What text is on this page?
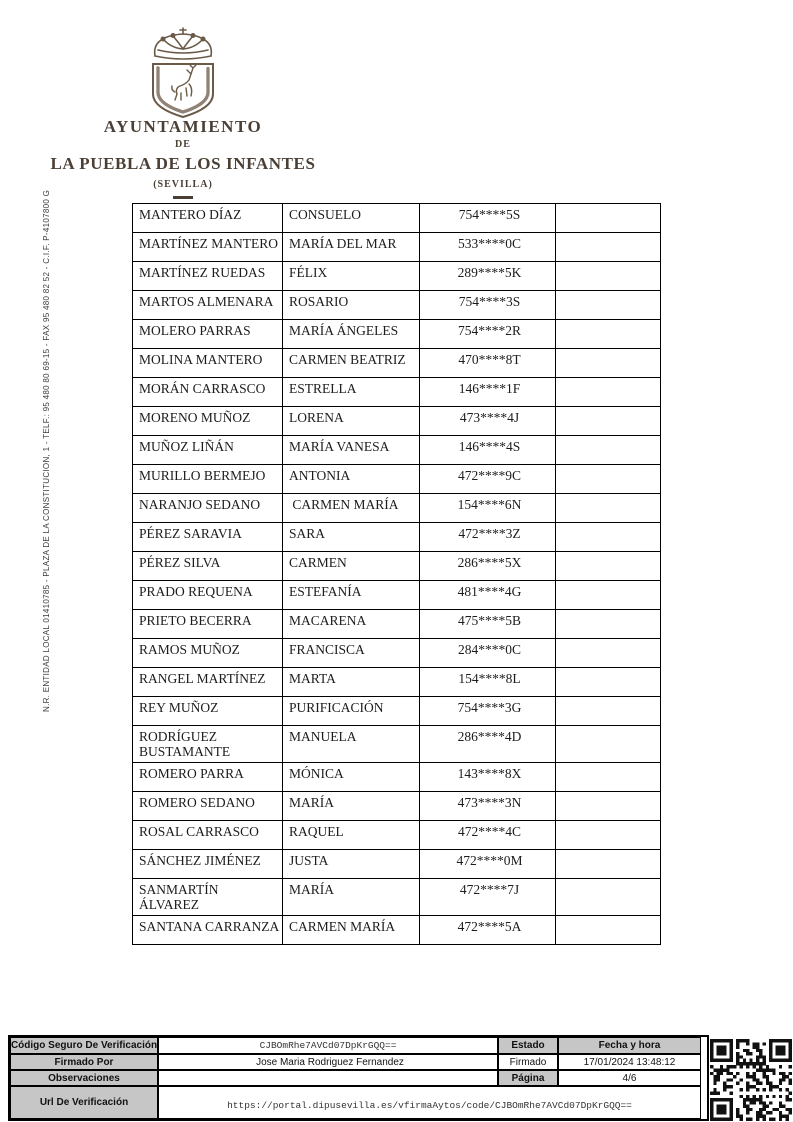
AYUNTAMIENTO
DE
LA PUEBLA DE LOS INFANTES
(SEVILLA)
N.R. ENTIDAD LOCAL 01410785 - PLAZA DE LA CONSTITUCION, 1 - TELF.: 95 480 80 69-15 - FAX 95 480 82 52 - C.I.F. P-4107800 G	MANTERO DÍAZ	CONSUELO	754****5S	
MARTÍNEZ MANTERO	MARÍA DEL MAR	533****0C	
MARTÍNEZ RUEDAS	FÉLIX	289****5K	
MARTOS ALMENARA	ROSARIO	754****3S	
MOLERO PARRAS	MARÍA ÁNGELES	754****2R	
MOLINA MANTERO	CARMEN BEATRIZ	470****8T	
MORÁN CARRASCO	ESTRELLA	146****1F	
MORENO MUÑOZ	LORENA	473****4J	
MUÑOZ LIÑÁN	MARÍA VANESA	146****4S	
MURILLO BERMEJO	ANTONIA	472****9C	
NARANJO SEDANO	CARMEN MARÍA	154****6N	
PÉREZ SARAVIA	SARA	472****3Z	
PÉREZ SILVA	CARMEN	286****5X	
PRADO REQUENA	ESTEFANÍA	481****4G	
PRIETO BECERRA	MACARENA	475****5B	
RAMOS MUÑOZ	FRANCISCA	284****0C	
RANGEL MARTÍNEZ	MARTA	154****8L	
REY MUÑOZ	PURIFICACIÓN	754****3G	
RODRÍGUEZ BUSTAMANTE	MANUELA	286****4D	
ROMERO PARRA	MÓNICA	143****8X	
ROMERO SEDANO	MARÍA	473****3N	
ROSAL CARRASCO	RAQUEL	472****4C	
SÁNCHEZ JIMÉNEZ	JUSTA	472****0M	
SANMARTÍN ÁLVAREZ	MARÍA	472****7J	
SANTANA CARRANZA	CARMEN MARÍA	472****5A	
Código Seguro De Verificación	CJBOmRhe7AVCd07DpKrGQQ==	Estado	Fecha y hora
Firmado Por	Jose Maria Rodriguez Fernandez	Firmado	17/01/2024 13:48:12
Observaciones	Página	4/6
Url De Verificación	https://portal.dipusevilla.es/vfirmaAytos/code/CJBOmRhe7AVCd07DpKrGQQ==
